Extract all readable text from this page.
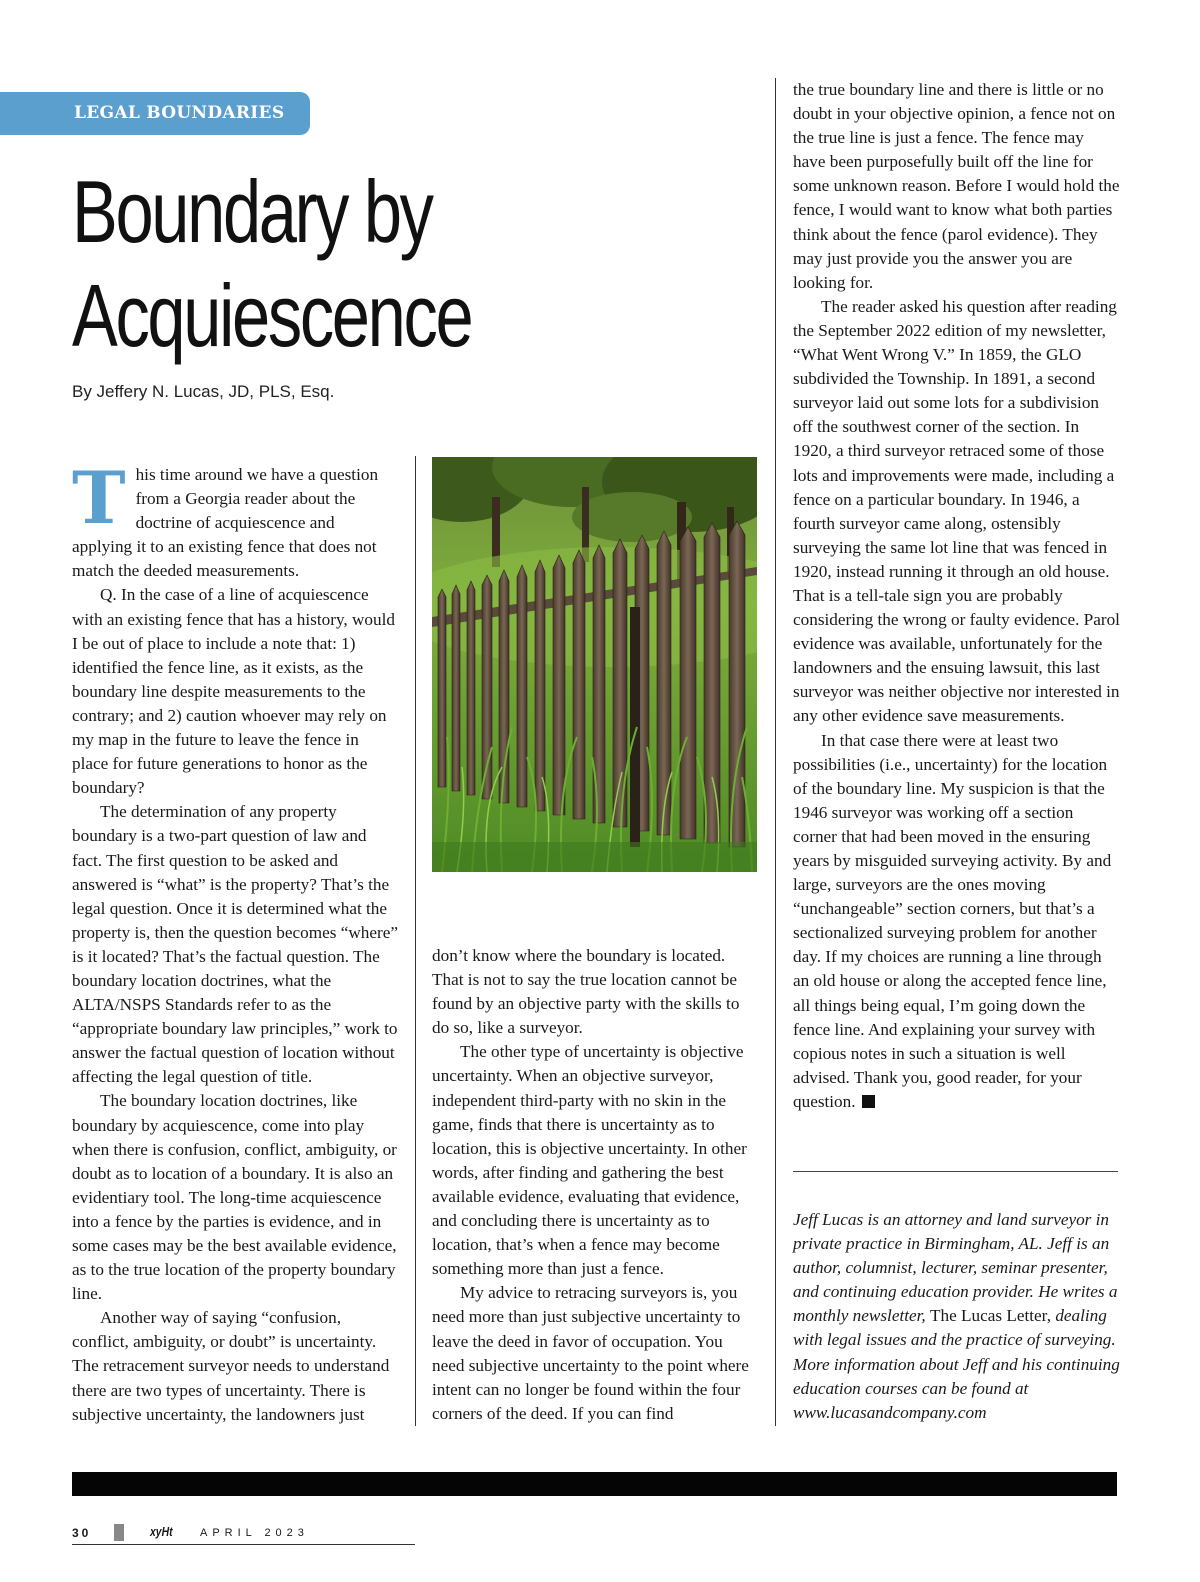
LEGAL BOUNDARIES
Boundary by
Acquiescence
By Jeffery N. Lucas, JD, PLS, Esq.

This time around we have a question from a Georgia reader about the doctrine of acquiescence and applying it to an existing fence that does not match the deeded measurements.

Q. In the case of a line of acquiescence with an existing fence that has a history, would I be out of place to include a note that: 1) identified the fence line, as it exists, as the boundary line despite measurements to the contrary; and 2) caution whoever may rely on my map in the future to leave the fence in place for future generations to honor as the boundary?

The determination of any property boundary is a two-part question of law and fact. The first question to be asked and answered is “what” is the property? That’s the legal question. Once it is determined what the property is, then the question becomes “where” is it located? That’s the factual question. The boundary location doctrines, what the ALTA/NSPS Standards refer to as the “appropriate boundary law principles,” work to answer the factual question of location without affecting the legal question of title.

The boundary location doctrines, like boundary by acquiescence, come into play when there is confusion, conflict, ambiguity, or doubt as to location of a boundary. It is also an evidentiary tool. The long-time acquiescence into a fence by the parties is evidence, and in some cases may be the best available evidence, as to the true location of the property boundary line.

Another way of saying “confusion, conflict, ambiguity, or doubt” is uncertainty. The retracement surveyor needs to understand there are two types of uncertainty. There is subjective uncertainty, the landowners just

don’t know where the boundary is located. That is not to say the true location cannot be found by an objective party with the skills to do so, like a surveyor.

The other type of uncertainty is objective uncertainty. When an objective surveyor, independent third-party with no skin in the game, finds that there is uncertainty as to location, this is objective uncertainty. In other words, after finding and gathering the best available evidence, evaluating that evidence, and concluding there is uncertainty as to location, that’s when a fence may become something more than just a fence.

My advice to retracing surveyors is, you need more than just subjective uncertainty to leave the deed in favor of occupation. You need subjective uncertainty to the point where intent can no longer be found within the four corners of the deed. If you can find

the true boundary line and there is little or no doubt in your objective opinion, a fence not on the true line is just a fence. The fence may have been purposefully built off the line for some unknown reason. Before I would hold the fence, I would want to know what both parties think about the fence (parol evidence). They may just provide you the answer you are looking for.

The reader asked his question after reading the September 2022 edition of my newsletter, “What Went Wrong V.” In 1859, the GLO subdivided the Township. In 1891, a second surveyor laid out some lots for a subdivision off the southwest corner of the section. In 1920, a third surveyor retraced some of those lots and improvements were made, including a fence on a particular boundary. In 1946, a fourth surveyor came along, ostensibly surveying the same lot line that was fenced in 1920, instead running it through an old house. That is a tell-tale sign you are probably considering the wrong or faulty evidence. Parol evidence was available, unfortunately for the landowners and the ensuing lawsuit, this last surveyor was neither objective nor interested in any other evidence save measurements.

In that case there were at least two possibilities (i.e., uncertainty) for the location of the boundary line. My suspicion is that the 1946 surveyor was working off a section corner that had been moved in the ensuring years by misguided surveying activity. By and large, surveyors are the ones moving “unchangeable” section corners, but that’s a sectionalized surveying problem for another day. If my choices are running a line through an old house or along the accepted fence line, all things being equal, I’m going down the fence line. And explaining your survey with copious notes in such a situation is well advised. Thank you, good reader, for your question.

Jeff Lucas is an attorney and land surveyor in private practice in Birmingham, AL. Jeff is an author, columnist, lecturer, seminar presenter, and continuing education provider. He writes a monthly newsletter, The Lucas Letter, dealing with legal issues and the practice of surveying. More information about Jeff and his continuing education courses can be found at www.lucasandcompany.com
30	xyHt APRIL 2023
